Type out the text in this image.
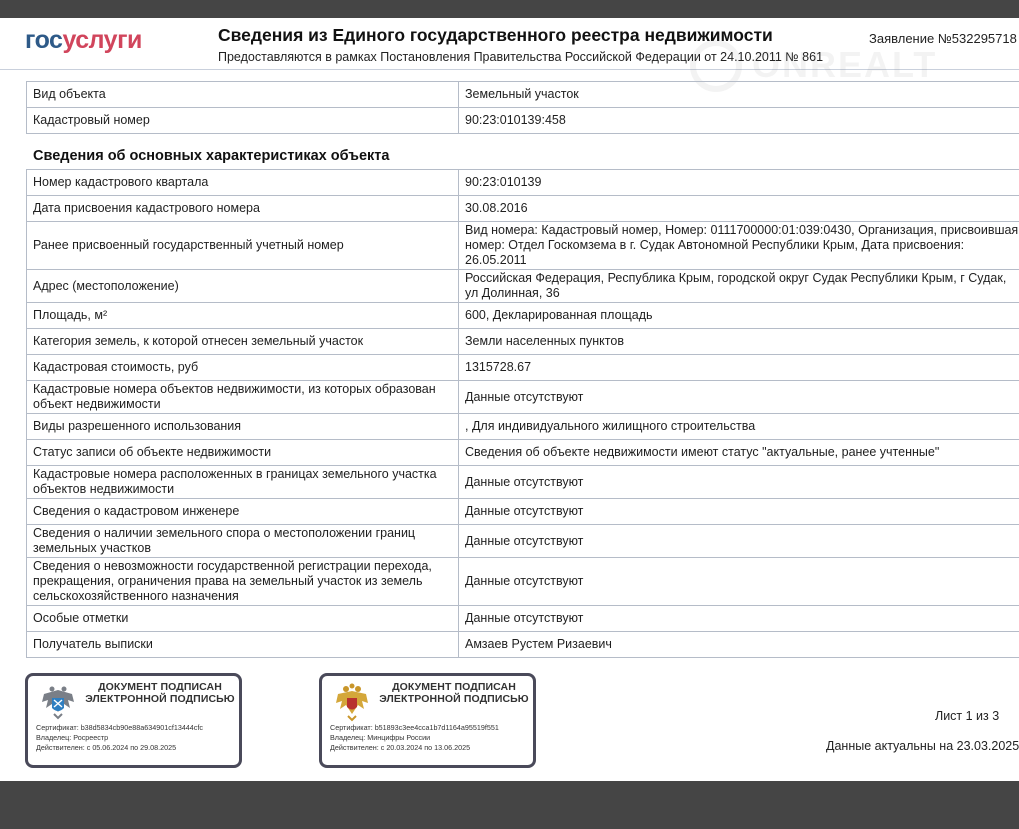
госуслуги	Сведения из Единого государственного реестра недвижимости
Предоставляются в рамках Постановления Правительства Российской Федерации от 24.10.2011 № 861
Заявление №532295718
ONREALT
Вид объекта	Земельный участок
Кадастровый номер	90:23:010139:458
Сведения об основных характеристиках объекта
Номер кадастрового квартала	90:23:010139
Дата присвоения кадастрового номера	30.08.2016
Ранее присвоенный государственный учетный номер	Вид номера: Кадастровый номер, Номер: 0111700000:01:039:0430, Организация, присвоившая номер: Отдел Госкомзема в г. Судак Автономной Республики Крым, Дата присвоения: 26.05.2011
Адрес (местоположение)	Российская Федерация, Республика Крым, городской округ Судак Республики Крым, г Судак, ул Долинная, 36
Площадь, м²	600, Декларированная площадь
Категория земель, к которой отнесен земельный участок	Земли населенных пунктов
Кадастровая стоимость, руб	1315728.67
Кадастровые номера объектов недвижимости, из которых образован объект недвижимости	Данные отсутствуют
Виды разрешенного использования	, Для индивидуального жилищного строительства
Статус записи об объекте недвижимости	Сведения об объекте недвижимости имеют статус "актуальные, ранее учтенные"
Кадастровые номера расположенных в границах земельного участка объектов недвижимости	Данные отсутствуют
Сведения о кадастровом инженере	Данные отсутствуют
Сведения о наличии земельного спора о местоположении границ земельных участков	Данные отсутствуют
Сведения о невозможности государственной регистрации перехода, прекращения, ограничения права на земельный участок из земель сельскохозяйственного назначения	Данные отсутствуют
Особые отметки	Данные отсутствуют
Получатель выписки	Амзаев Рустем Ризаевич
ДОКУМЕНТ ПОДПИСАН ЭЛЕКТРОННОЙ ПОДПИСЬЮ
Сертификат: b38d5834cb90e88a634901cf13444cfc
Владелец: Росреестр
Действителен: с 05.06.2024 по 29.08.2025
ДОКУМЕНТ ПОДПИСАН ЭЛЕКТРОННОЙ ПОДПИСЬЮ
Сертификат: b51893c3ee4cca1b7d1164a95519f551
Владелец: Минцифры России
Действителен: с 20.03.2024 по 13.06.2025
Лист 1 из 3
Данные актуальны на 23.03.2025
